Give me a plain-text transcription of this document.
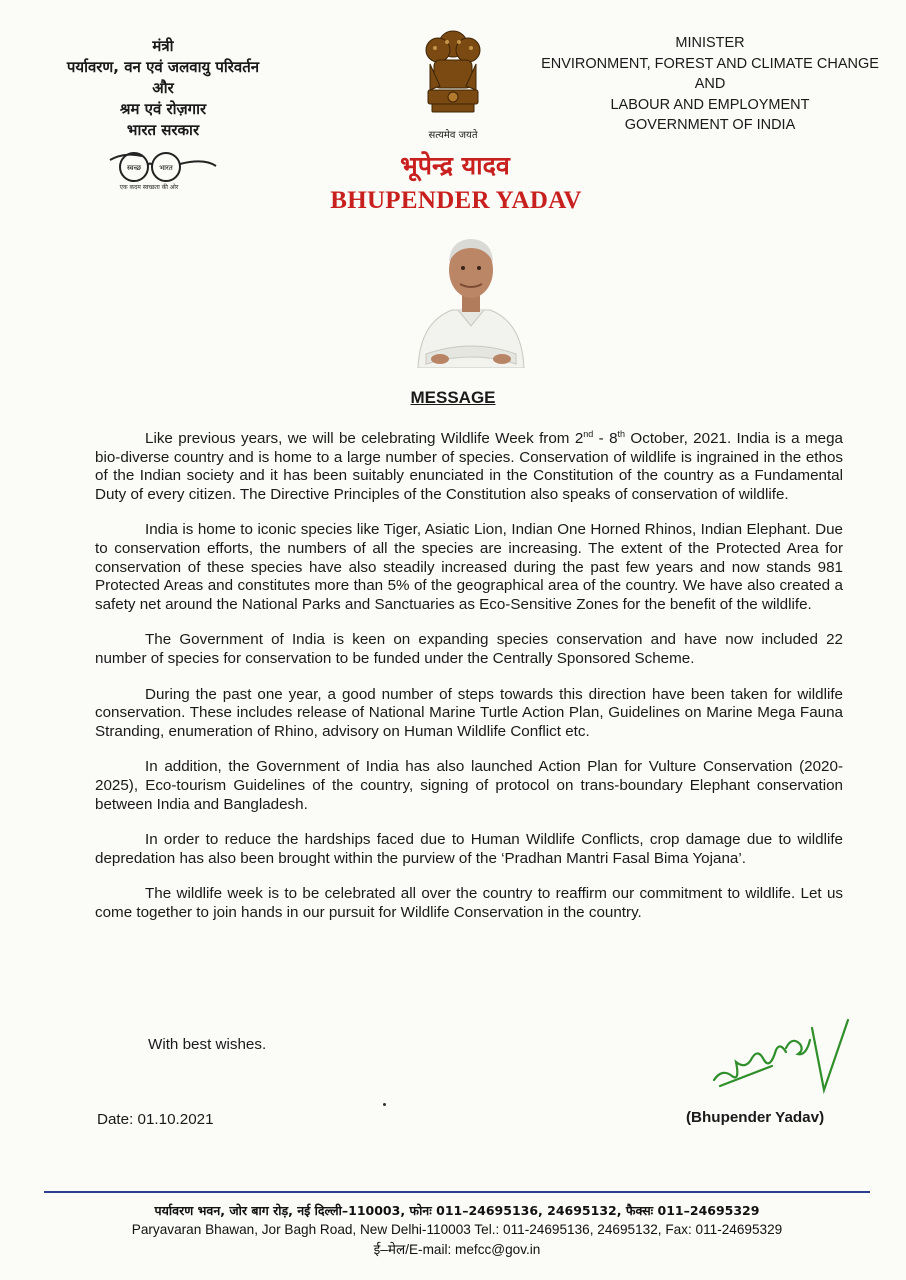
मंत्री
पर्यावरण, वन एवं जलवायु परिवर्तन
और
श्रम एवं रोज़गार
भारत सरकार
स्वच्छ	भारत
एक कदम स्वच्छता की ओर
सत्यमेव जयते
MINISTER
ENVIRONMENT, FOREST AND CLIMATE CHANGE
AND
LABOUR AND EMPLOYMENT
GOVERNMENT OF INDIA
भूपेन्द्र यादव
BHUPENDER YADAV
MESSAGE

Like previous years, we will be celebrating Wildlife Week from 2nd - 8th October, 2021. India is a mega bio-diverse country and is home to a large number of species. Conservation of wildlife is ingrained in the ethos of the Indian society and it has been suitably enunciated in the Constitution of the country as a Fundamental Duty of every citizen. The Directive Principles of the Constitution also speaks of conservation of wildlife.

India is home to iconic species like Tiger, Asiatic Lion, Indian One Horned Rhinos, Indian Elephant. Due to conservation efforts, the numbers of all the species are increasing. The extent of the Protected Area for conservation of these species have also steadily increased during the past few years and now stands 981 Protected Areas and constitutes more than 5% of the geographical area of the country. We have also created a safety net around the National Parks and Sanctuaries as Eco-Sensitive Zones for the benefit of the wildlife.

The Government of India is keen on expanding species conservation and have now included 22 number of species for conservation to be funded under the Centrally Sponsored Scheme.

During the past one year, a good number of steps towards this direction have been taken for wildlife conservation. These includes release of National Marine Turtle Action Plan, Guidelines on Marine Mega Fauna Stranding, enumeration of Rhino, advisory on Human Wildlife Conflict etc.

In addition, the Government of India has also launched Action Plan for Vulture Conservation (2020-2025), Eco-tourism Guidelines of the country, signing of protocol on trans-boundary Elephant conservation between India and Bangladesh.

In order to reduce the hardships faced due to Human Wildlife Conflicts, crop damage due to wildlife depredation has also been brought within the purview of the ‘Pradhan Mantri Fasal Bima Yojana’.

The wildlife week is to be celebrated all over the country to reaffirm our commitment to wildlife. Let us come together to join hands in our pursuit for Wildlife Conservation in the country.

With best wishes.
Date: 01.10.2021	(Bhupender Yadav)
पर्यावरण भवन, जोर बाग रोड़, नई दिल्ली–110003, फोनः 011–24695136, 24695132, फैक्सः 011–24695329
Paryavaran Bhawan, Jor Bagh Road, New Delhi-110003 Tel.: 011-24695136, 24695132, Fax: 011-24695329
ई–मेल/E-mail: mefcc@gov.in
